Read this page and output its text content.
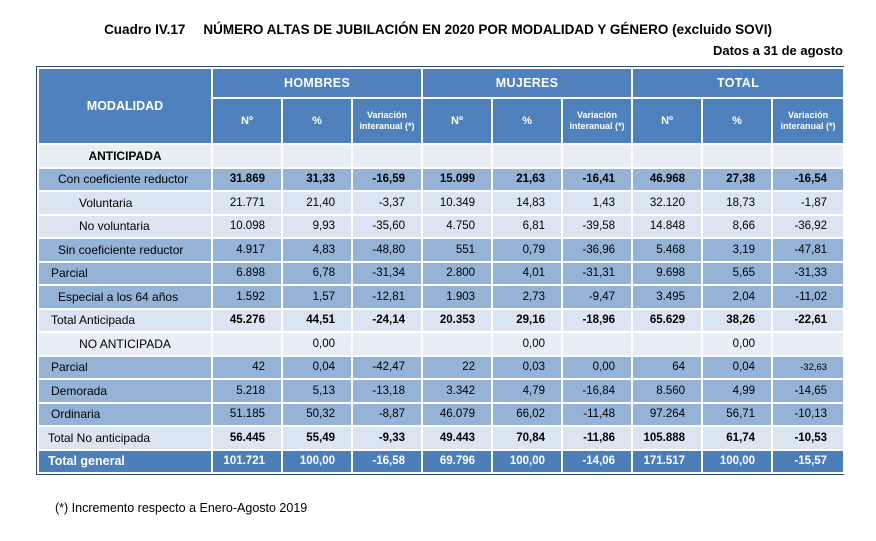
Cuadro IV.17 NÚMERO ALTAS DE JUBILACIÓN EN 2020 POR MODALIDAD Y GÉNERO (excluido SOVI)
Datos a 31 de agosto
MODALIDAD	HOMBRES			MUJERES			TOTAL		
	Nº	%	Variación interanual (*)	Nº	%	Variación interanual (*)	Nº	%	Variación interanual (*)

ANTICIPADA									
Con coeficiente reductor	31.869	31,33	-16,59	15.099	21,63	-16,41	46.968	27,38	-16,54
Voluntaria	21.771	21,40	-3,37	10.349	14,83	1,43	32.120	18,73	-1,87
No voluntaria	10.098	9,93	-35,60	4.750	6,81	-39,58	14.848	8,66	-36,92
Sin coeficiente reductor	4.917	4,83	-48,80	551	0,79	-36,96	5.468	3,19	-47,81
Parcial	6.898	6,78	-31,34	2.800	4,01	-31,31	9.698	5,65	-31,33
Especial a los 64 años	1.592	1,57	-12,81	1.903	2,73	-9,47	3.495	2,04	-11,02
Total Anticipada	45.276	44,51	-24,14	20.353	29,16	-18,96	65.629	38,26	-22,61
NO ANTICIPADA		0,00			0,00			0,00	
Parcial	42	0,04	-42,47	22	0,03	0,00	64	0,04	-32,63
Demorada	5.218	5,13	-13,18	3.342	4,79	-16,84	8.560	4,99	-14,65
Ordinaria	51.185	50,32	-8,87	46.079	66,02	-11,48	97.264	56,71	-10,13
Total No anticipada	56.445	55,49	-9,33	49.443	70,84	-11,86	105.888	61,74	-10,53
Total general	101.721	100,00	-16,58	69.796	100,00	-14,06	171.517	100,00	-15,57
(*) Incremento respecto a Enero-Agosto 2019
